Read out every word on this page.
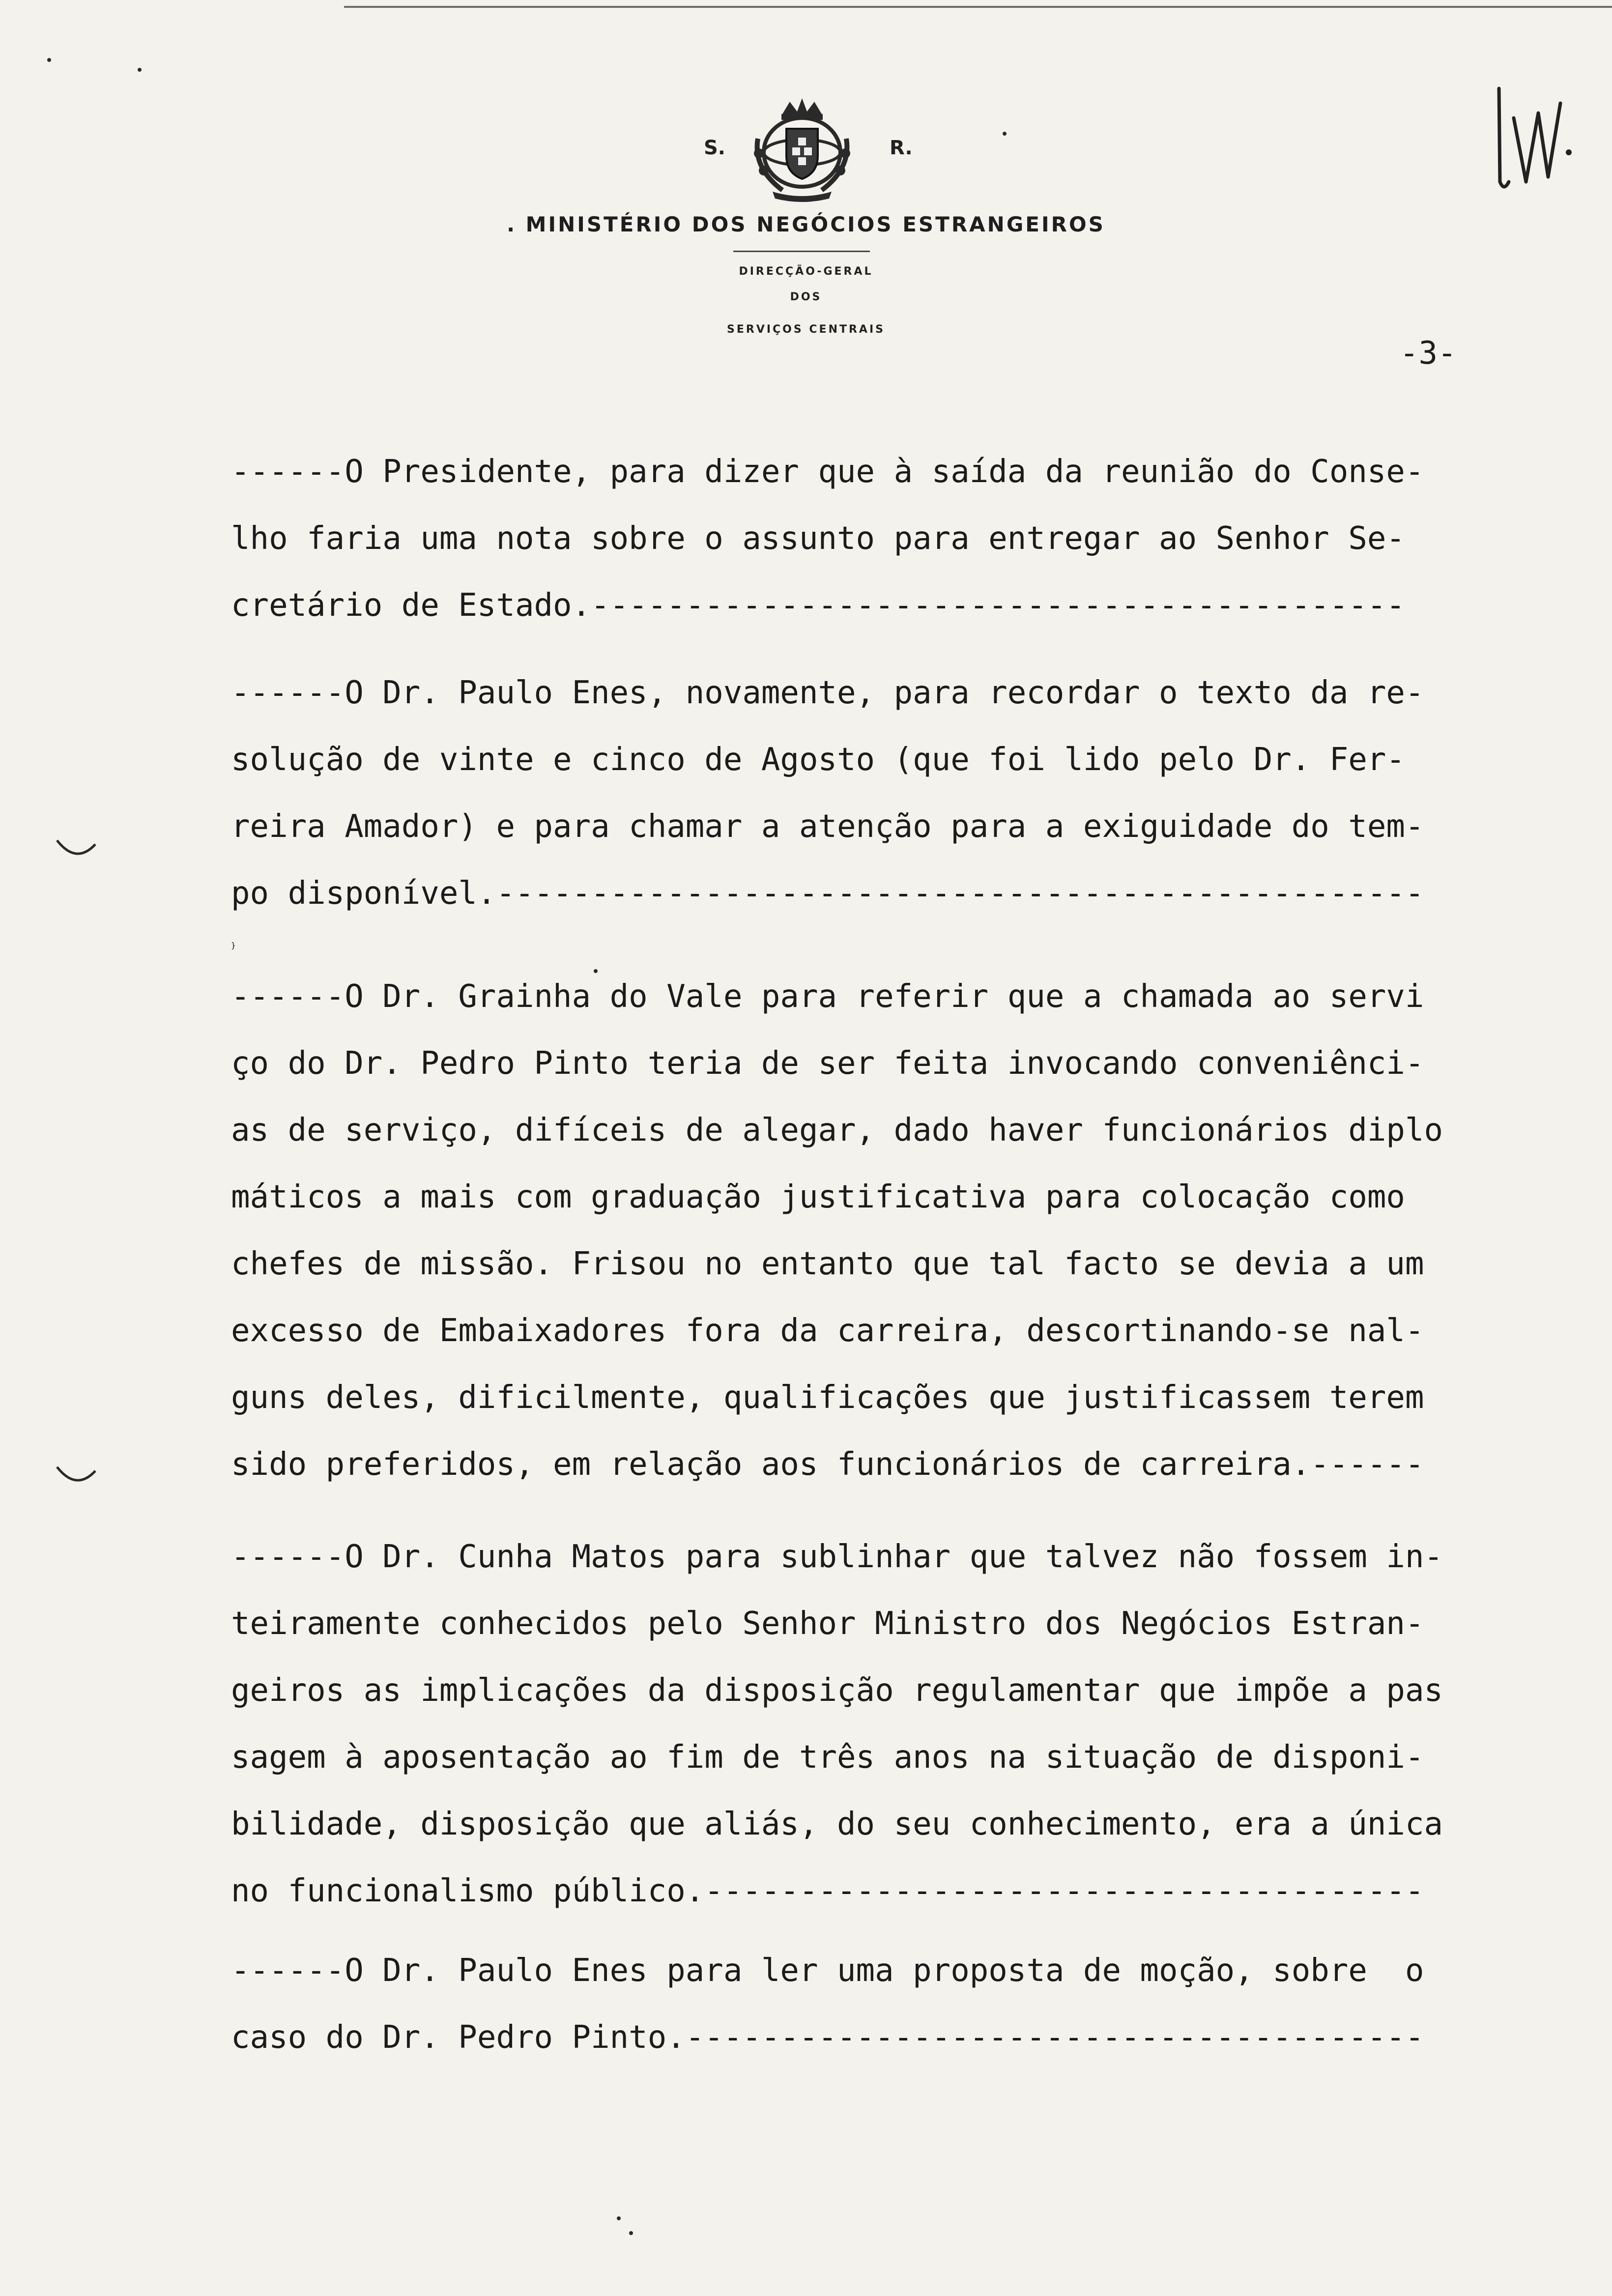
S.	R.
. MINISTÉRIO DOS NEGÓCIOS ESTRANGEIROS
DIRECÇÃO-GERAL
DOS
SERVIÇOS CENTRAIS
-3-
------O Presidente, para dizer que à saída da reunião do Conse-
lho faria uma nota sobre o assunto para entregar ao Senhor Se-
cretário de Estado.-------------------------------------------
------O Dr. Paulo Enes, novamente, para recordar o texto da re-
solução de vinte e cinco de Agosto (que foi lido pelo Dr. Fer-
reira Amador) e para chamar a atenção para a exiguidade do tem-
po disponível.-------------------------------------------------
}
------O Dr. Grainha do Vale para referir que a chamada ao servi
ço do Dr. Pedro Pinto teria de ser feita invocando conveniênci-
as de serviço, difíceis de alegar, dado haver funcionários diplo
máticos a mais com graduação justificativa para colocação como
chefes de missão. Frisou no entanto que tal facto se devia a um
excesso de Embaixadores fora da carreira, descortinando-se nal-
guns deles, dificilmente, qualificações que justificassem terem
sido preferidos, em relação aos funcionários de carreira.------
------O Dr. Cunha Matos para sublinhar que talvez não fossem in-
teiramente conhecidos pelo Senhor Ministro dos Negócios Estran-
geiros as implicações da disposição regulamentar que impõe a pas
sagem à aposentação ao fim de três anos na situação de disponi-
bilidade, disposição que aliás, do seu conhecimento, era a única
no funcionalismo público.--------------------------------------
------O Dr. Paulo Enes para ler uma proposta de moção, sobre  o
caso do Dr. Pedro Pinto.---------------------------------------
